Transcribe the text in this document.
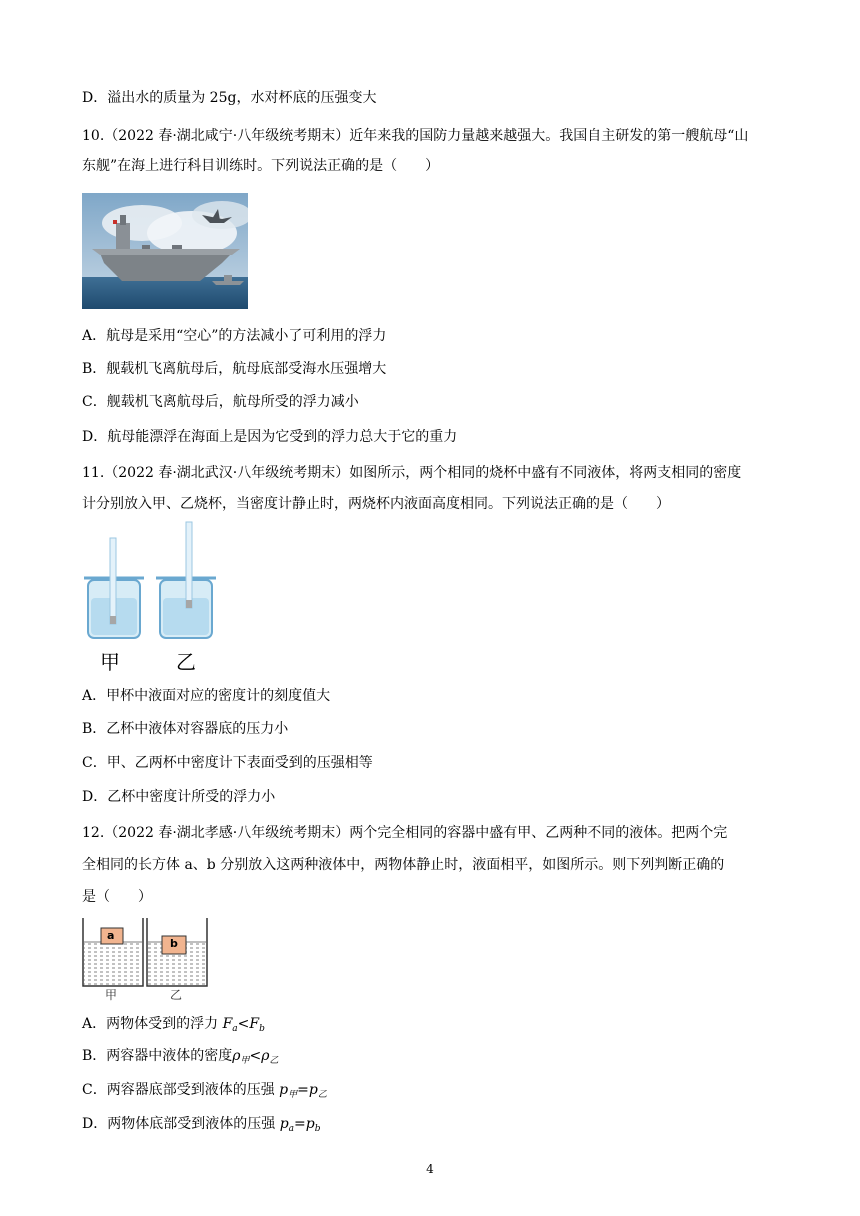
D．溢出水的质量为 25g，水对杯底的压强变大
10.（2022 春·湖北咸宁·八年级统考期末）近年来我的国防力量越来越强大。我国自主研发的第一艘航母“山
东舰”在海上进行科目训练时。下列说法正确的是（　　）
A．航母是采用“空心”的方法减小了可利用的浮力
B．舰载机飞离航母后，航母底部受海水压强增大
C．舰载机飞离航母后，航母所受的浮力减小
D．航母能漂浮在海面上是因为它受到的浮力总大于它的重力
11.（2022 春·湖北武汉·八年级统考期末）如图所示，两个相同的烧杯中盛有不同液体，将两支相同的密度
计分别放入甲、乙烧杯，当密度计静止时，两烧杯内液面高度相同。下列说法正确的是（　　）
甲	乙
A．甲杯中液面对应的密度计的刻度值大
B．乙杯中液体对容器底的压力小
C．甲、乙两杯中密度计下表面受到的压强相等
D．乙杯中密度计所受的浮力小
12.（2022 春·湖北孝感·八年级统考期末）两个完全相同的容器中盛有甲、乙两种不同的液体。把两个完
全相同的长方体 a、b 分别放入这两种液体中，两物体静止时，液面相平，如图所示。则下列判断正确的
是（　　）
a
b
甲	乙
A．两物体受到的浮力 $F_a<F_b$
B．两容器中液体的密度$\rho_甲<\rho_乙$
C．两容器底部受到液体的压强 $p_甲=p_乙$
D．两物体底部受到液体的压强 $p_a=p_b$
4
